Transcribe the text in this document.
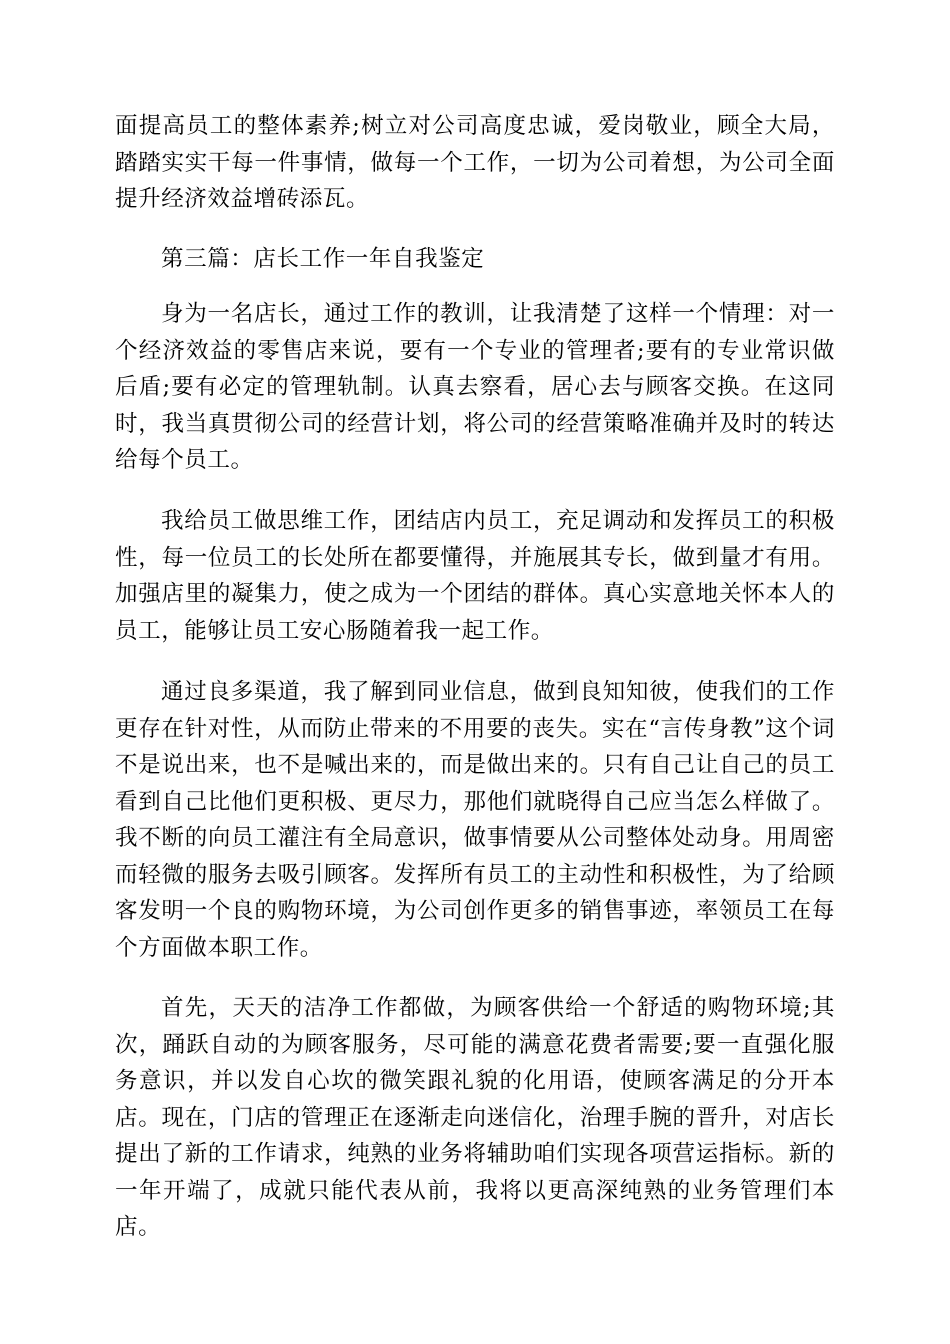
面提高员工的整体素养;树立对公司高度忠诚，爱岗敬业，顾全大局，踏踏实实干每一件事情，做每一个工作，一切为公司着想，为公司全面提升经济效益增砖添瓦。

第三篇：店长工作一年自我鉴定

身为一名店长，通过工作的教训，让我清楚了这样一个情理：对一个经济效益的零售店来说，要有一个专业的管理者;要有的专业常识做后盾;要有必定的管理轨制。认真去察看，居心去与顾客交换。在这同时，我当真贯彻公司的经营计划，将公司的经营策略准确并及时的转达给每个员工。

我给员工做思维工作，团结店内员工，充足调动和发挥员工的积极性，每一位员工的长处所在都要懂得，并施展其专长，做到量才有用。加强店里的凝集力，使之成为一个团结的群体。真心实意地关怀本人的员工，能够让员工安心肠随着我一起工作。

通过良多渠道，我了解到同业信息，做到良知知彼，使我们的工作更存在针对性，从而防止带来的不用要的丧失。实在“言传身教”这个词不是说出来，也不是喊出来的，而是做出来的。只有自己让自己的员工看到自己比他们更积极、更尽力，那他们就晓得自己应当怎么样做了。我不断的向员工灌注有全局意识，做事情要从公司整体处动身。用周密而轻微的服务去吸引顾客。发挥所有员工的主动性和积极性，为了给顾客发明一个良的购物环境，为公司创作更多的销售事迹，率领员工在每个方面做本职工作。

首先，天天的洁净工作都做，为顾客供给一个舒适的购物环境;其次，踊跃自动的为顾客服务，尽可能的满意花费者需要;要一直强化服务意识，并以发自心坎的微笑跟礼貌的化用语，使顾客满足的分开本店。现在，门店的管理正在逐渐走向迷信化，治理手腕的晋升，对店长提出了新的工作请求，纯熟的业务将辅助咱们实现各项营运指标。新的一年开端了，成就只能代表从前，我将以更高深纯熟的业务管理们本店。
